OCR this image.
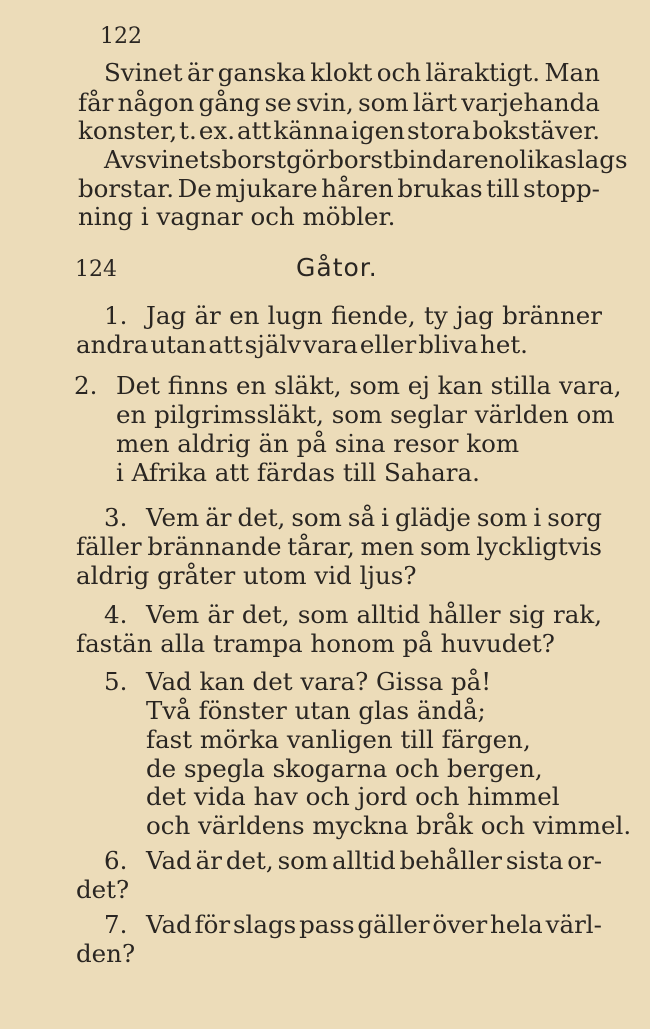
122
Svinet är ganska klokt och läraktigt. Man
får någon gång se svin, som lärt varjehanda
konster, t. ex. att känna igen stora bokstäver.
Av svinets borst gör borstbindaren olika slags
borstar. De mjukare håren brukas till stopp-
ning i vagnar och möbler.
124	Gåtor.
1. Jag är en lugn fiende, ty jag bränner
andra utan att själv vara eller bliva het.
2. Det finns en släkt, som ej kan stilla vara,
en pilgrimssläkt, som seglar världen om
men aldrig än på sina resor kom
i Afrika att färdas till Sahara.
3. Vem är det, som så i glädje som i sorg
fäller brännande tårar, men som lyckligtvis
aldrig gråter utom vid ljus?
4. Vem är det, som alltid håller sig rak,
fastän alla trampa honom på huvudet?
5. Vad kan det vara? Gissa på!
Två fönster utan glas ändå;
fast mörka vanligen till färgen,
de spegla skogarna och bergen,
det vida hav och jord och himmel
och världens myckna bråk och vimmel.
6. Vad är det, som alltid behåller sista or-
det?
7. Vad för slags pass gäller över hela värl-
den?
